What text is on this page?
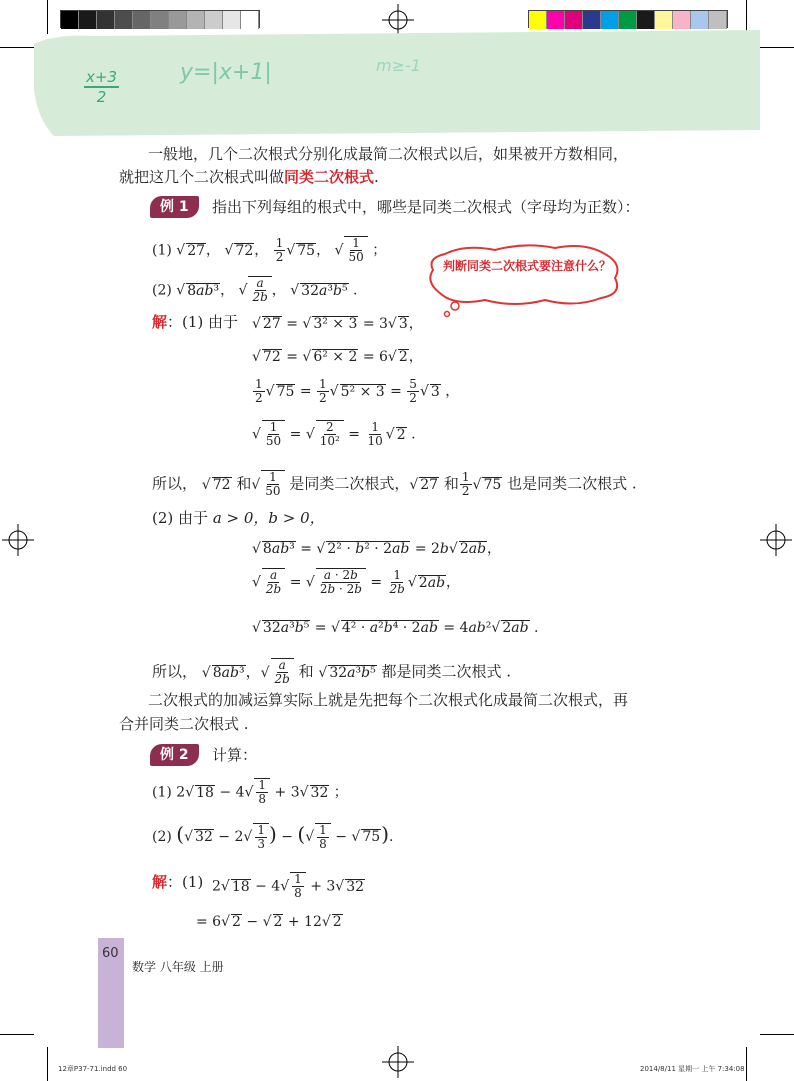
x+3
2
y=|x+1|	m≥-1
一般地，几个二次根式分别化成最简二次根式以后，如果被开方数相同，
就把这几个二次根式叫做同类二次根式.
例 1	指出下列每组的根式中，哪些是同类二次根式（字母均为正数）：
(1) √ 27， √ 72， $\frac{1}{2}$ √ 75， √ $\frac{1}{50}$ ；
(2) √ 8ab³， √ $\frac{a}{2b}$ ， √ 32a³b⁵ .
判断同类二次根式要注意什么？
解：(1) 由于 √ 27 = √ 3² × 3 = 3√ 3，
√ 72 = √ 6² × 2 = 6√ 2，
$\frac{1}{2}$ √ $75 = \frac{1}{2}$ √ $5^2 \times 3 = \frac{5}{2}$ √ 3 ，
√ $\frac{1}{50}$ = √ $\frac{2}{\text{10²}} = \frac{1}{10}$ √ 2 .
所以， √ 72 和√ $\frac{1}{50}$ 是同类二次根式，√ 27 和 $\frac{1}{2}$ √ 75 也是同类二次根式 .
(2) 由于 a > 0，b > 0，
√ 8ab³ = √ 2² · b² · 2ab = 2b√ 2ab，
√ $\frac{a}{2b}$ = √ $\frac{a \cdot 2b}{2b \cdot 2b} = \frac{1}{2b}$ √ 2ab，
√ 32a³b⁵ = √ 4² · a²b⁴ · 2ab = 4ab²√ 2ab .
所以， √ 8ab³，√ $\frac{a}{2b}$ 和 √ 32a³b⁵ 都是同类二次根式 .
二次根式的加减运算实际上就是先把每个二次根式化成最简二次根式，再
合并同类二次根式 .
例 2	计算：
(1) 2√ $18 - 4√ \frac{1}{8} + 3√$ 32 ；
(2) (√ $32 - 2√ \frac{1}{3}$ ) − (√ $\frac{1}{8}$ − √ 75).
解：(1) 2√ $18 - 4√ \frac{1}{8} + 3√$ 32
= 6√ 2 − √ 2 + 12√ 2
60
数学 八年级 上册
12章P37-71.indd 60	2014/8/11 星期一 上午 7:34:08
